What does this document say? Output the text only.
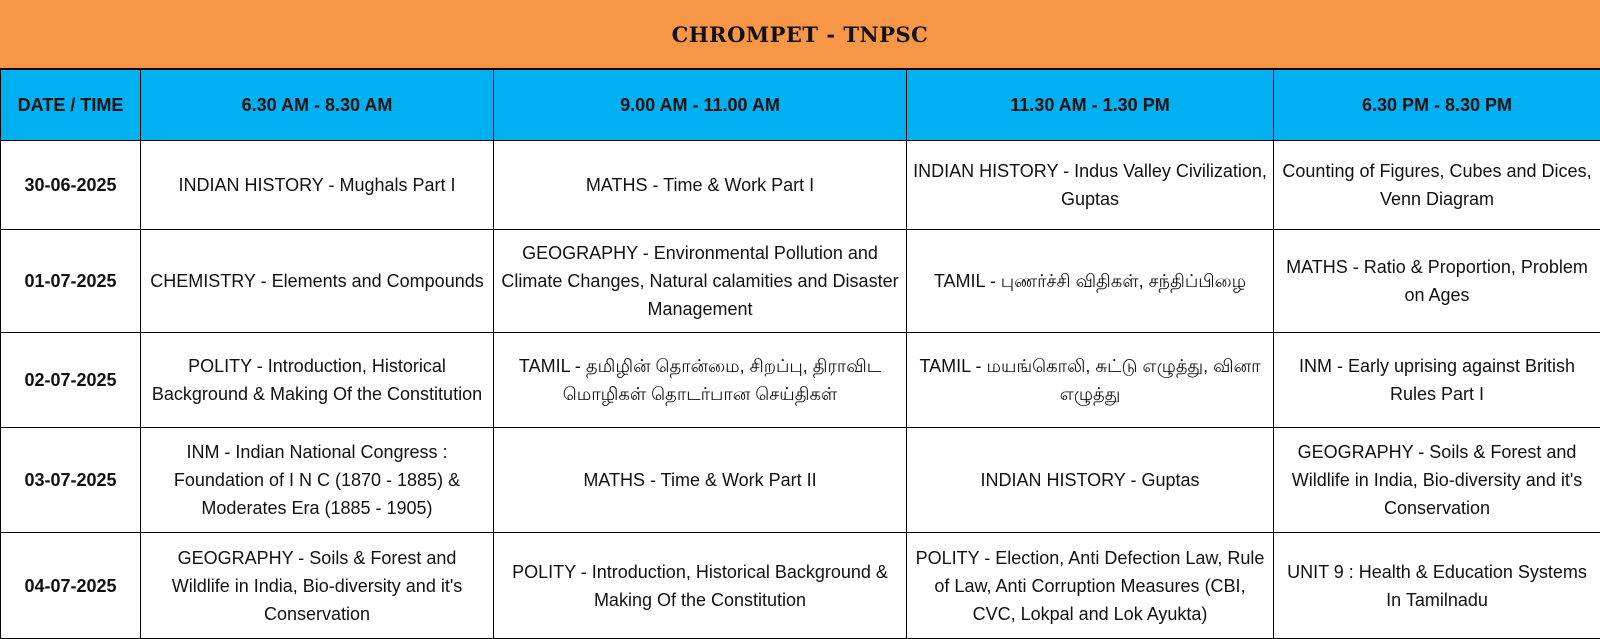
CHROMPET - TNPSC
DATE / TIME	6.30 AM - 8.30 AM	9.00 AM - 11.00 AM	11.30 AM - 1.30 PM	6.30 PM - 8.30 PM
30-06-2025	INDIAN HISTORY - Mughals Part I	MATHS - Time & Work Part I	INDIAN HISTORY - Indus Valley Civilization, Guptas	Counting of Figures, Cubes and Dices, Venn Diagram
01-07-2025	CHEMISTRY - Elements and Compounds	GEOGRAPHY - Environmental Pollution and Climate Changes, Natural calamities and Disaster Management	TAMIL - புணர்ச்சி விதிகள், சந்திப்பிழை	MATHS - Ratio & Proportion, Problem on Ages
02-07-2025	POLITY - Introduction, Historical Background & Making Of the Constitution	TAMIL - தமிழின் தொன்மை, சிறப்பு, திராவிட மொழிகள் தொடர்பான செய்திகள்	TAMIL - மயங்கொலி, சுட்டு எழுத்து, வினா எழுத்து	INM - Early uprising against British Rules Part I
03-07-2025	INM - Indian National Congress : Foundation of I N C (1870 - 1885) & Moderates Era (1885 - 1905)	MATHS - Time & Work Part II	INDIAN HISTORY - Guptas	GEOGRAPHY - Soils & Forest and Wildlife in India, Bio-diversity and it's Conservation
04-07-2025	GEOGRAPHY - Soils & Forest and Wildlife in India, Bio-diversity and it's Conservation	POLITY - Introduction, Historical Background & Making Of the Constitution	POLITY - Election, Anti Defection Law, Rule of Law, Anti Corruption Measures (CBI, CVC, Lokpal and Lok Ayukta)	UNIT 9 : Health & Education Systems In Tamilnadu
